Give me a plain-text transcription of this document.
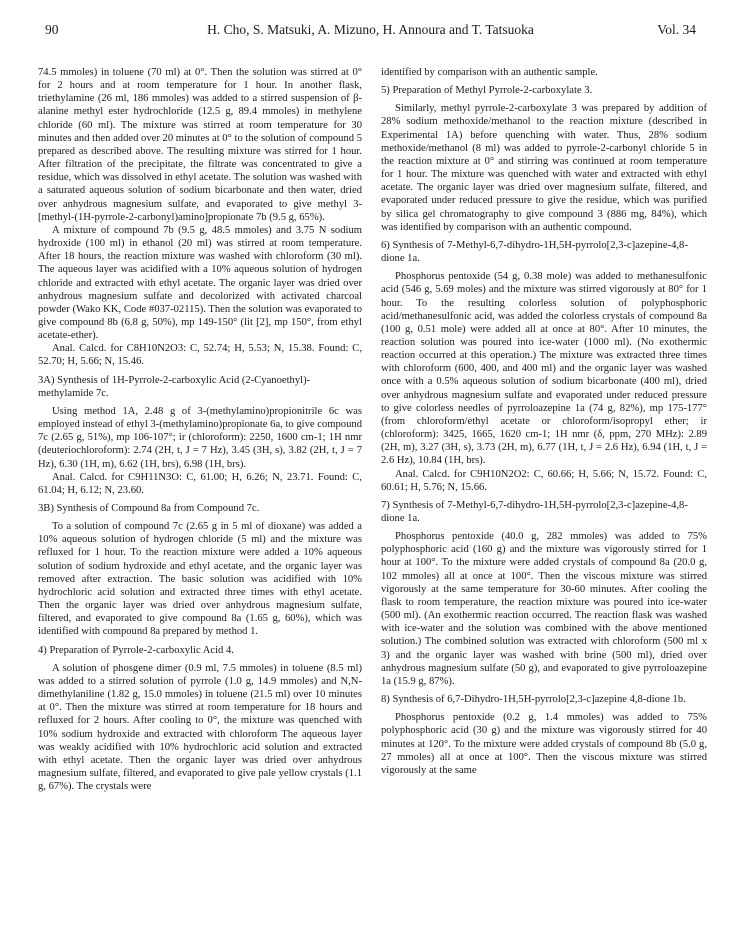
90	H. Cho, S. Matsuki, A. Mizuno, H. Annoura and T. Tatsuoka	Vol. 34

74.5 mmoles) in toluene (70 ml) at 0°. Then the solution was stirred at 0° for 2 hours and at room temperature for 1 hour. In another flask, triethylamine (26 ml, 186 mmoles) was added to a stirred suspension of β-alanine methyl ester hydrochloride (12.5 g, 89.4 mmoles) in methylene chloride (60 ml). The mixture was stirred at room temperature for 30 minutes and then added over 20 minutes at 0° to the solution of compound 5 prepared as described above. The resulting mixture was stirred for 1 hour. After filtration of the precipitate, the filtrate was concentrated to give a residue, which was dissolved in ethyl acetate. The solution was washed with a saturated aqueous solution of sodium bicarbonate and then water, dried over anhydrous magnesium sulfate, and evaporated to give methyl 3-[methyl-(1H-pyrrole-2-carbonyl)amino]propionate 7b (9.5 g, 65%).

A mixture of compound 7b (9.5 g, 48.5 mmoles) and 3.75 N sodium hydroxide (100 ml) in ethanol (20 ml) was stirred at room temperature. After 18 hours, the reaction mixture was washed with chloroform (30 ml). The aqueous layer was acidified with a 10% aqueous solution of hydrogen chloride and extracted with ethyl acetate. The organic layer was dried over anhydrous magnesium sulfate and decolorized with activated charcoal powder (Wako KK, Code #037-02115). Then the solution was evaporated to give compound 8b (6.8 g, 50%), mp 149-150° (lit [2], mp 150°, from ethyl acetate-ether).

Anal. Calcd. for C8H10N2O3: C, 52.74; H, 5.53; N, 15.38. Found: C, 52.70; H, 5.66; N, 15.46.

3A) Synthesis of 1H-Pyrrole-2-carboxylic Acid (2-Cyanoethyl)-methylamide 7c.

Using method 1A, 2.48 g of 3-(methylamino)propionitrile 6c was employed instead of ethyl 3-(methylamino)propionate 6a, to give compound 7c (2.65 g, 51%), mp 106-107°; ir (chloroform): 2250, 1600 cm-1; 1H nmr (deuteriochloroform): 2.74 (2H, t, J = 7 Hz), 3.45 (3H, s), 3.82 (2H, t, J = 7 Hz), 6.30 (1H, m), 6.62 (1H, brs), 6.98 (1H, brs).

Anal. Calcd. for C9H11N3O: C, 61.00; H, 6.26; N, 23.71. Found: C, 61.04; H, 6.12; N, 23.60.

3B) Synthesis of Compound 8a from Compound 7c.

To a solution of compound 7c (2.65 g in 5 ml of dioxane) was added a 10% aqueous solution of hydrogen chloride (5 ml) and the mixture was refluxed for 1 hour. To the reaction mixture were added a 10% aqueous solution of sodium hydroxide and ethyl acetate, and the organic layer was removed after extraction. The basic solution was acidified with 10% hydrochloric acid solution and extracted three times with ethyl acetate. Then the organic layer was dried over anhydrous magnesium sulfate, filtered, and evaporated to give compound 8a (1.65 g, 60%), which was identified with compound 8a prepared by method 1.

4) Preparation of Pyrrole-2-carboxylic Acid 4.

A solution of phosgene dimer (0.9 ml, 7.5 mmoles) in toluene (8.5 ml) was added to a stirred solution of pyrrole (1.0 g, 14.9 mmoles) and N,N-dimethylaniline (1.82 g, 15.0 mmoles) in toluene (21.5 ml) over 10 minutes at 0°. Then the mixture was stirred at room temperature for 18 hours and refluxed for 2 hours. After cooling to 0°, the mixture was quenched with 10% sodium hydroxide and extracted with chloroform The aqueous layer was weakly acidified with 10% hydrochloric acid solution and extracted with ethyl acetate. Then the organic layer was dried over anhydrous magnesium sulfate, filtered, and evaporated to give pale yellow crystals (1.1 g, 67%). The crystals were

identified by comparison with an authentic sample.

5) Preparation of Methyl Pyrrole-2-carboxylate 3.

Similarly, methyl pyrrole-2-carboxylate 3 was prepared by addition of 28% sodium methoxide/methanol to the reaction mixture (described in Experimental 1A) before quenching with water. Thus, 28% sodium methoxide/methanol (8 ml) was added to pyrrole-2-carbonyl chloride 5 in the reaction mixture at 0° and stirring was continued at room temperature for 1 hour. The mixture was quenched with water and extracted with ethyl acetate. The organic layer was dried over magnesium sulfate, filtered, and evaporated under reduced pressure to give the residue, which was purified by silica gel chromatography to give compound 3 (886 mg, 84%), which was identified by comparison with an authentic compound.

6) Synthesis of 7-Methyl-6,7-dihydro-1H,5H-pyrrolo[2,3-c]azepine-4,8-dione 1a.

Phosphorus pentoxide (54 g, 0.38 mole) was added to methanesulfonic acid (546 g, 5.69 moles) and the mixture was stirred vigorously at 80° for 1 hour. To the resulting colorless solution of polyphosphoric acid/methanesulfonic acid, was added the colorless crystals of compound 8a (100 g, 0.51 mole) were added all at once at 80°. After 10 minutes, the reaction solution was poured into ice-water (1000 ml). (No exothermic reaction occurred at this operation.) The mixture was extracted three times with chloroform (600, 400, and 400 ml) and the organic layer was washed once with a 0.5% aqueous solution of sodium bicarbonate (400 ml), dried over anhydrous magnesium sulfate and evaporated under reduced pressure to give colorless needles of pyrroloazepine 1a (74 g, 82%), mp 175-177° (from chloroform/ethyl acetate or chloroform/isopropyl ether; ir (chloroform): 3425, 1665, 1620 cm-1; 1H nmr (δ, ppm, 270 MHz): 2.89 (2H, m), 3.27 (3H, s), 3.73 (2H, m), 6.77 (1H, t, J = 2.6 Hz), 6.94 (1H, t, J = 2.6 Hz), 10.84 (1H, brs).

Anal. Calcd. for C9H10N2O2: C, 60.66; H, 5.66; N, 15.72. Found: C, 60.61; H, 5.76; N, 15.66.

7) Synthesis of 7-Methyl-6,7-dihydro-1H,5H-pyrrolo[2,3-c]azepine-4,8-dione 1a.

Phosphorus pentoxide (40.0 g, 282 mmoles) was added to 75% polyphosphoric acid (160 g) and the mixture was vigorously stirred for 1 hour at 100°. To the mixture were added crystals of compound 8a (20.0 g, 102 mmoles) all at once at 100°. Then the viscous mixture was stirred vigorously at the same temperature for 30-60 minutes. After cooling the flask to room temperature, the reaction mixture was poured into ice-water (500 ml). (An exothermic reaction occurred. The reaction flask was washed with ice-water and the solution was combined with the above mentioned solution.) The combined solution was extracted with chloroform (500 ml x 3) and the organic layer was washed with brine (500 ml), dried over anhydrous magnesium sulfate (50 g), and evaporated to give pyrroloazepine 1a (15.9 g, 87%).

8) Synthesis of 6,7-Dihydro-1H,5H-pyrrolo[2,3-c]azepine 4,8-dione 1b.

Phosphorus pentoxide (0.2 g, 1.4 mmoles) was added to 75% polyphosphoric acid (30 g) and the mixture was vigorously stirred for 40 minutes at 120°. To the mixture were added crystals of compound 8b (5.0 g, 27 mmoles) all at once at 100°. Then the viscous mixture was stirred vigorously at the same
